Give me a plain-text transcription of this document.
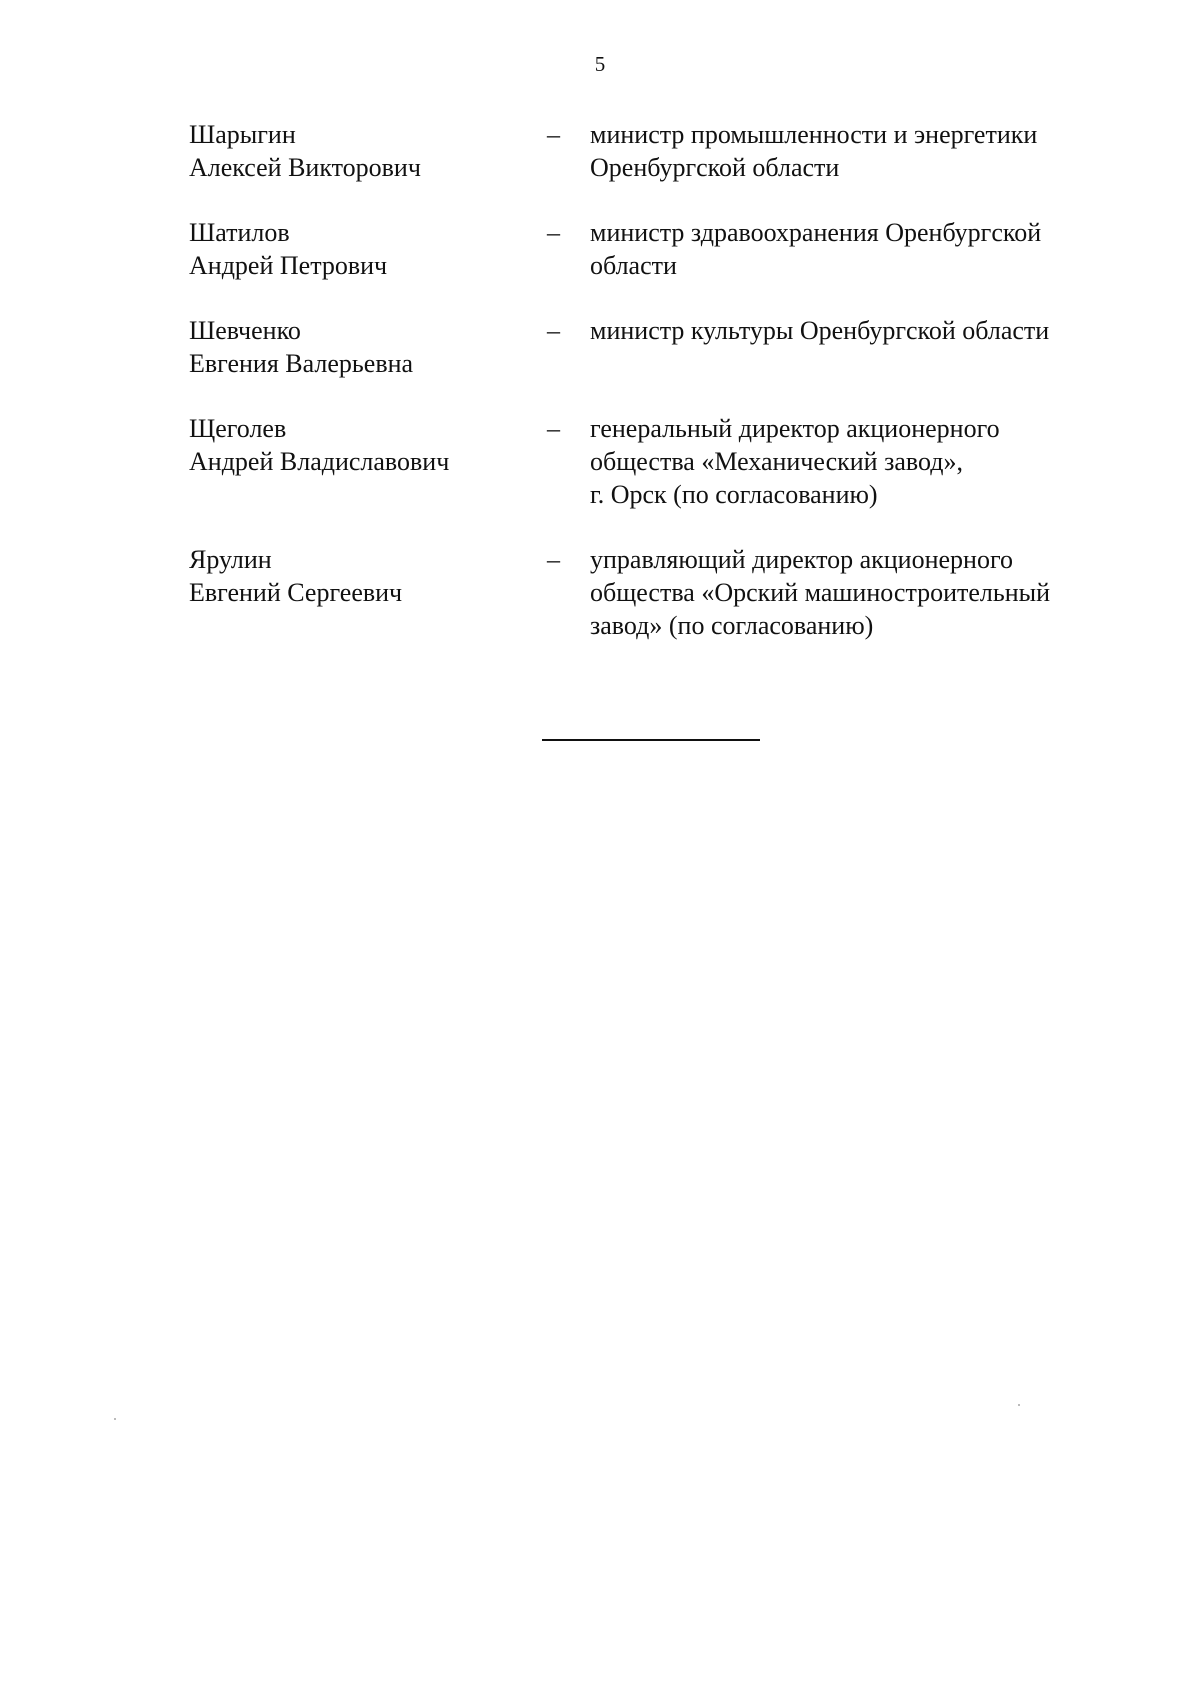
5
Шарыгин
Алексей Викторович
– министр промышленности и энергетики
Оренбургской области
Шатилов
Андрей Петрович
– министр здравоохранения Оренбургской
области
Шевченко
Евгения Валерьевна
– министр культуры Оренбургской области
Щеголев
Андрей Владиславович
– генеральный директор акционерного
общества «Механический завод»,
г. Орск (по согласованию)
Ярулин
Евгений Сергеевич
– управляющий директор акционерного
общества «Орский машиностроительный
завод» (по согласованию)
